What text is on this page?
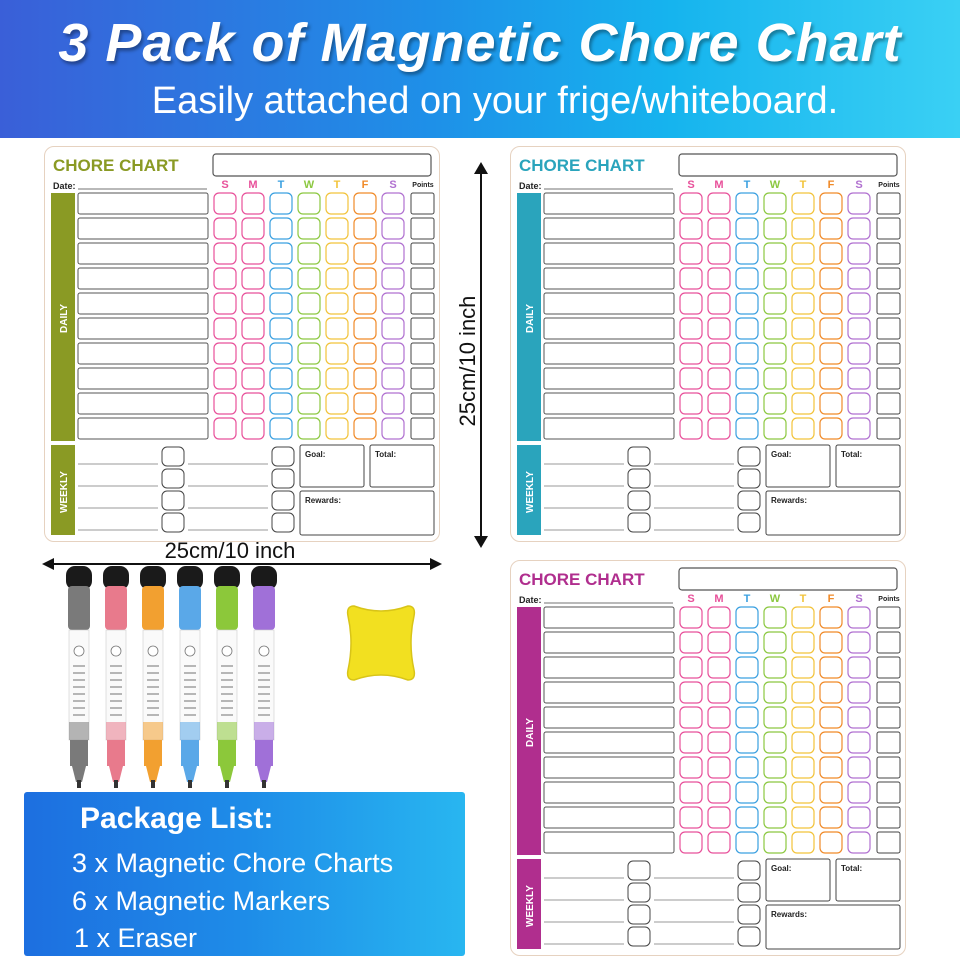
3 Pack of Magnetic Chore Chart
Easily attached on your frige/whiteboard.
CHORE CHART
Date:	S M T W T F S Points
DAILY
WEEKLY
Goal:	Total:
Rewards:
CHORE CHART
Date:	S M T W T F S Points
DAILY
WEEKLY
Goal:	Total:
Rewards:
CHORE CHART
Date:	S M T W T F S Points
DAILY
WEEKLY
Goal:	Total:
Rewards:
25cm/10 inch
25cm/10 inch
Package List:
3 x Magnetic Chore Charts
6 x Magnetic Markers
1 x Eraser
